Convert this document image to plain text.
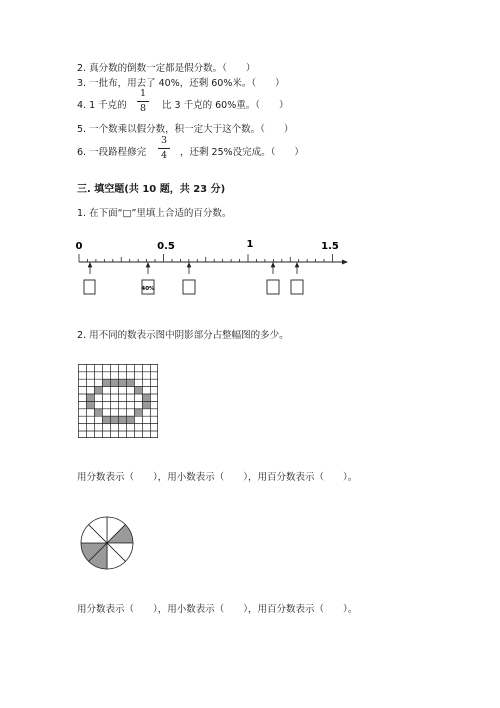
2. 真分数的倒数一定都是假分数。（　　）
3. 一批布，用去了 40%，还剩 60%米。（　　）
4. 1 千克的
1
8	比 3 千克的 60%重。（　　）
5. 一个数乘以假分数，积一定大于这个数。（　　）
6. 一段路程修完
3
4	，还剩 25%没完成。（　　）
三. 填空题(共 10 题，共 23 分)
1. 在下面“□”里填上合适的百分数。
0	0.5	1	1.5
40%
2. 用不同的数表示图中阴影部分占整幅图的多少。
用分数表示（　　），用小数表示（　　），用百分数表示（　　）。
用分数表示（　　），用小数表示（　　），用百分数表示（　　）。
